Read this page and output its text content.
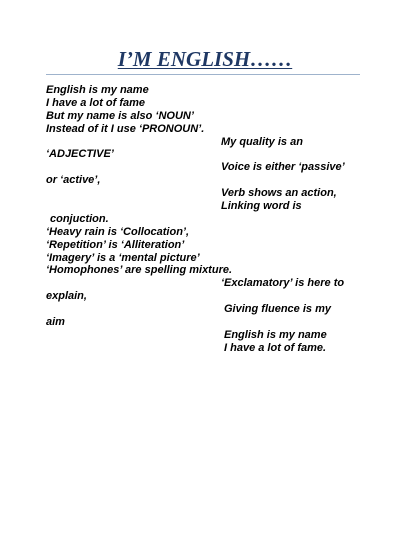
I’M ENGLISH……
English is my name
I have a lot of fame
But my name is also ‘NOUN’
Instead of it I use ‘PRONOUN’.
My quality is an
‘ADJECTIVE’
Voice is either ‘passive’
or ‘active’,
Verb shows an action,
Linking word is
conjuction.
‘Heavy rain is ‘Collocation’,
‘Repetition’ is ‘Alliteration’
‘Imagery’ is a ‘mental picture’
‘Homophones’ are spelling mixture.
‘Exclamatory’ is here to
explain,
Giving fluence is my
aim
English is my name
I have a lot of fame.
